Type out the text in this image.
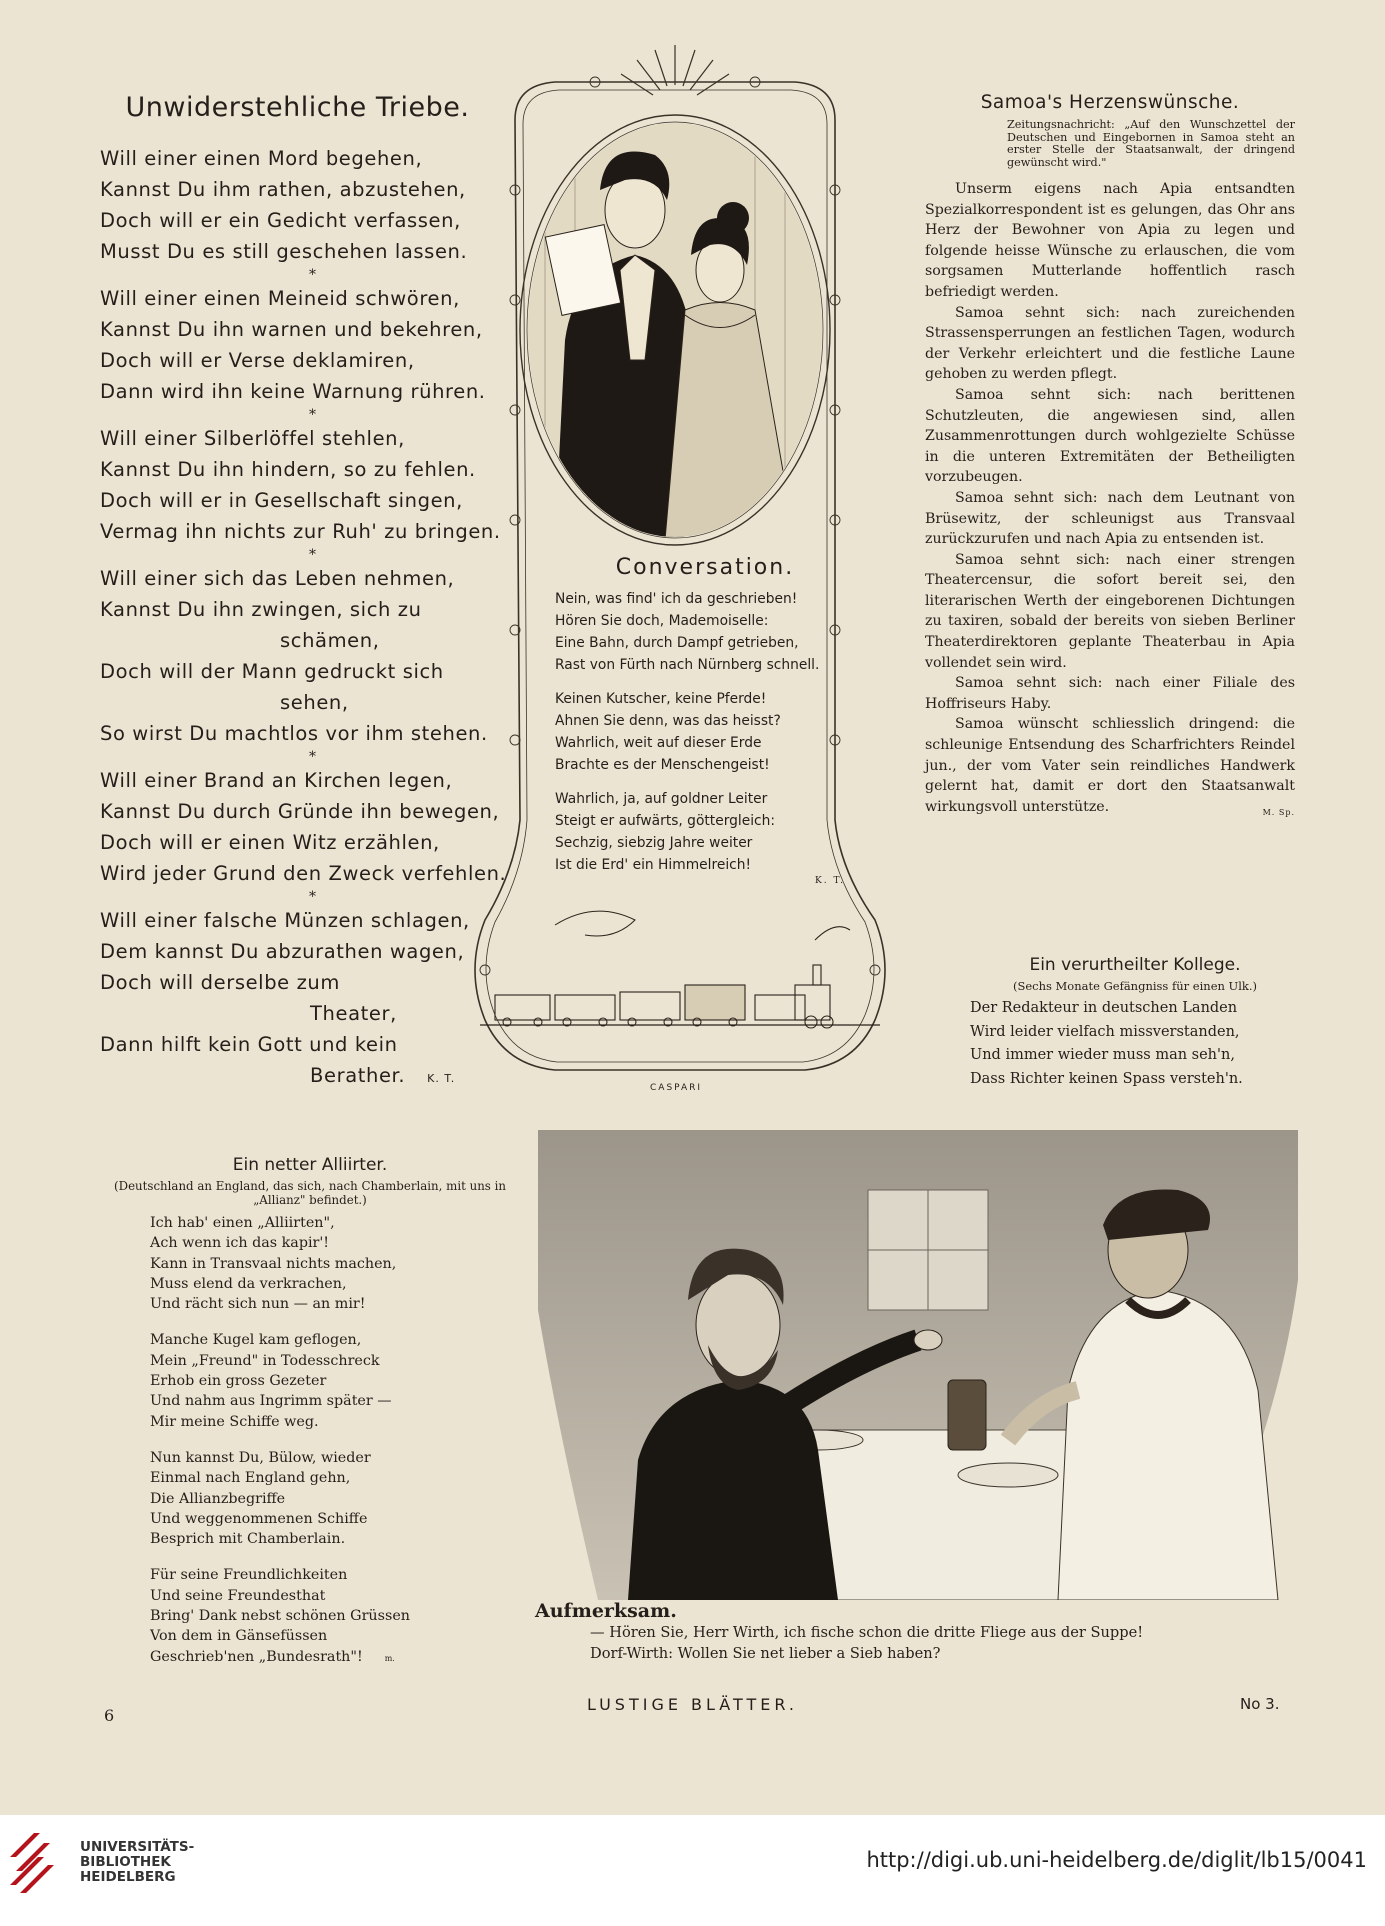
Unwiderstehliche Triebe.
Will einer einen Mord begehen,
Kannst Du ihm rathen, abzustehen,
Doch will er ein Gedicht verfassen,
Musst Du es still geschehen lassen.
*
Will einer einen Meineid schwören,
Kannst Du ihn warnen und bekehren,
Doch will er Verse deklamiren,
Dann wird ihn keine Warnung rühren.
*
Will einer Silberlöffel stehlen,
Kannst Du ihn hindern, so zu fehlen.
Doch will er in Gesellschaft singen,
Vermag ihn nichts zur Ruh' zu bringen.
*
Will einer sich das Leben nehmen,
Kannst Du ihn zwingen, sich zu
schämen,
Doch will der Mann gedruckt sich
sehen,
So wirst Du machtlos vor ihm stehen.
*
Will einer Brand an Kirchen legen,
Kannst Du durch Gründe ihn bewegen,
Doch will er einen Witz erzählen,
Wird jeder Grund den Zweck verfehlen.
*
Will einer falsche Münzen schlagen,
Dem kannst Du abzurathen wagen,
Doch will derselbe zum
Theater,
Dann hilft kein Gott und kein
Berather. K. T.
Conversation.
Nein, was find' ich da geschrieben!
Hören Sie doch, Mademoiselle:
Eine Bahn, durch Dampf getrieben,
Rast von Fürth nach Nürnberg schnell.
Keinen Kutscher, keine Pferde!
Ahnen Sie denn, was das heisst?
Wahrlich, weit auf dieser Erde
Brachte es der Menschengeist!
Wahrlich, ja, auf goldner Leiter
Steigt er aufwärts, göttergleich:
Sechzig, siebzig Jahre weiter
Ist die Erd' ein Himmelreich!
K. T.
CASPARI
Samoa's Herzenswünsche.
Zeitungsnachricht: „Auf den Wunschzettel der Deutschen und Eingebornen in Samoa steht an erster Stelle der Staatsanwalt, der dringend gewünscht wird."

Unserm eigens nach Apia entsandten Spezialkorrespondent ist es gelungen, das Ohr ans Herz der Bewohner von Apia zu legen und folgende heisse Wünsche zu erlauschen, die vom sorgsamen Mutterlande hoffentlich rasch befriedigt werden.

Samoa sehnt sich: nach zureichenden Strassensperrungen an festlichen Tagen, wodurch der Verkehr erleichtert und die festliche Laune gehoben zu werden pflegt.

Samoa sehnt sich: nach berittenen Schutzleuten, die angewiesen sind, allen Zusammenrottungen durch wohlgezielte Schüsse in die unteren Extremitäten der Betheiligten vorzubeugen.

Samoa sehnt sich: nach dem Leutnant von Brüsewitz, der schleunigst aus Transvaal zurückzurufen und nach Apia zu entsenden ist.

Samoa sehnt sich: nach einer strengen Theatercensur, die sofort bereit sei, den literarischen Werth der eingeborenen Dichtungen zu taxiren, sobald der bereits von sieben Berliner Theaterdirektoren geplante Theaterbau in Apia vollendet sein wird.

Samoa sehnt sich: nach einer Filiale des Hoffriseurs Haby.

Samoa wünscht schliesslich dringend: die schleunige Entsendung des Scharfrichters Reindel jun., der vom Vater sein reindliches Handwerk gelernt hat, damit er dort den Staatsanwalt wirkungsvoll unterstütze.	M. Sp.

Ein verurtheilter Kollege.
(Sechs Monate Gefängniss für einen Ulk.)
Der Redakteur in deutschen Landen
Wird leider vielfach missverstanden,
Und immer wieder muss man seh'n,
Dass Richter keinen Spass versteh'n.
Ein netter Alliirter.
(Deutschland an England, das sich, nach Chamberlain, mit uns in „Allianz" befindet.)
Ich hab' einen „Alliirten",
Ach wenn ich das kapir'!
Kann in Transvaal nichts machen,
Muss elend da verkrachen,
Und rächt sich nun — an mir!
Manche Kugel kam geflogen,
Mein „Freund" in Todesschreck
Erhob ein gross Gezeter
Und nahm aus Ingrimm später —
Mir meine Schiffe weg.
Nun kannst Du, Bülow, wieder
Einmal nach England gehn,
Die Allianzbegriffe
Und weggenommenen Schiffe
Besprich mit Chamberlain.
Für seine Freundlichkeiten
Und seine Freundesthat
Bring' Dank nebst schönen Grüssen
Von dem in Gänsefüssen
Geschrieb'nen „Bundesrath"!	m.
Aufmerksam.
— Hören Sie, Herr Wirth, ich fische schon die dritte Fliege aus der Suppe!
Dorf-Wirth: Wollen Sie net lieber a Sieb haben?
6
LUSTIGE BLÄTTER.	No 3.
UNIVERSITÄTS-
BIBLIOTHEK
HEIDELBERG
http://digi.ub.uni-heidelberg.de/diglit/lb15/0041
